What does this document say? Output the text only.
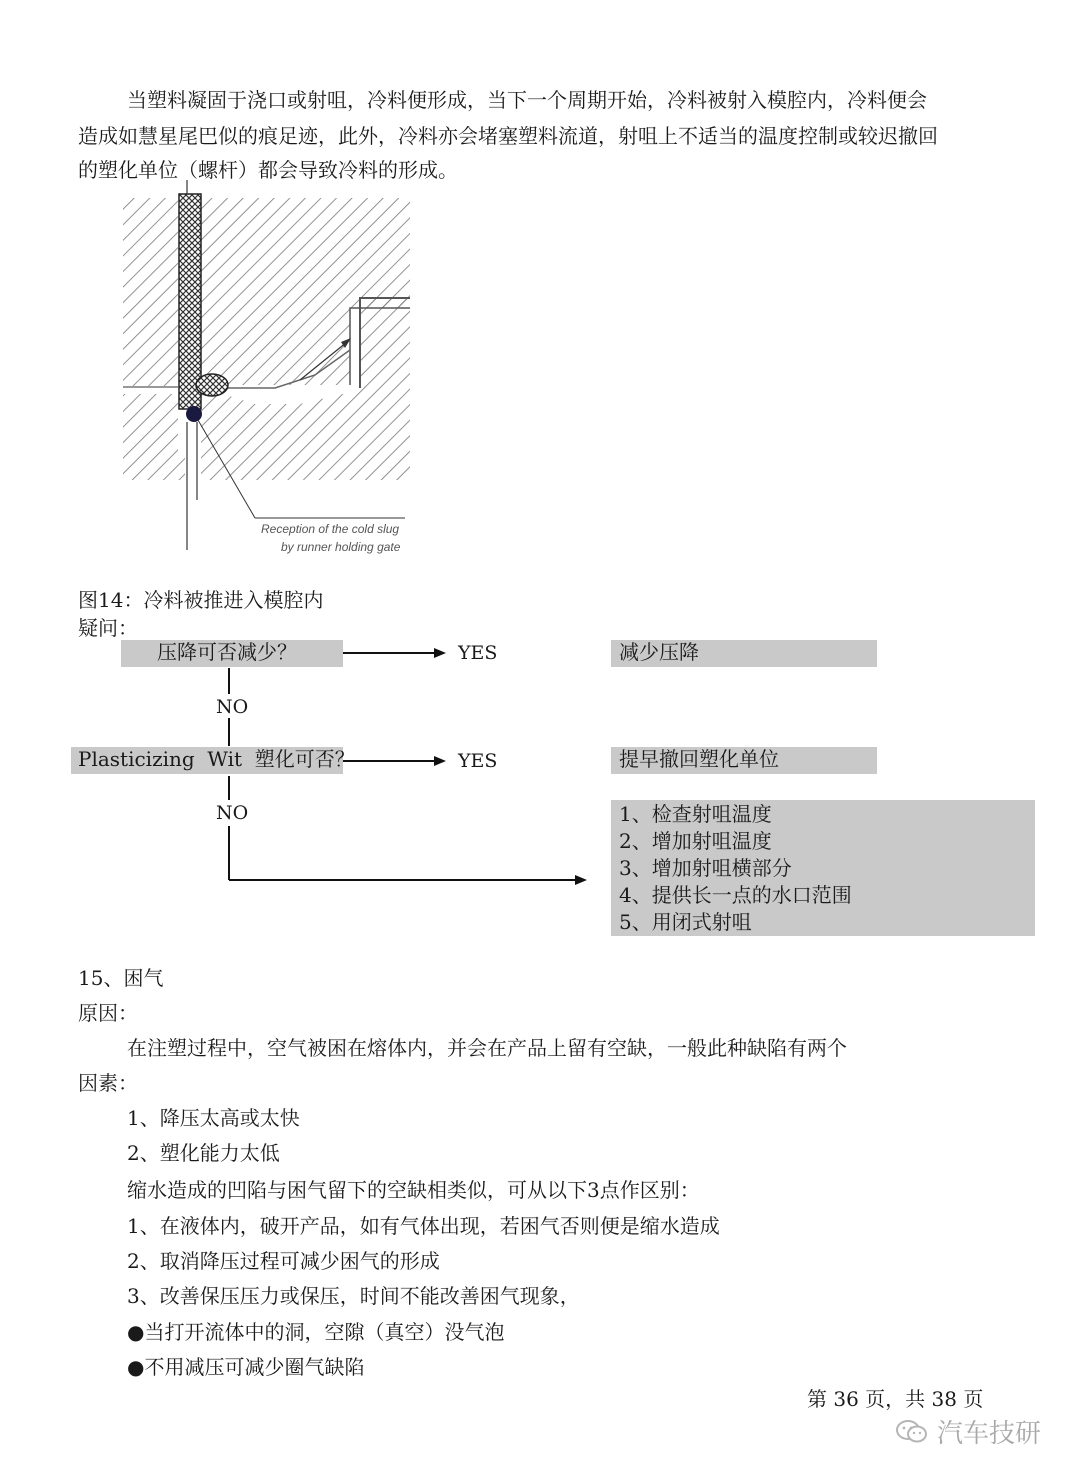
当塑料凝固于浇口或射咀，冷料便形成，当下一个周期开始，冷料被射入模腔内，冷料便会
造成如慧星尾巴似的痕足迹，此外，冷料亦会堵塞塑料流道，射咀上不适当的温度控制或较迟撤回
的塑化单位（螺杆）都会导致冷料的形成。
Reception of the cold slug
by runner holding gate
图14：冷料被推进入模腔内
疑问：
压降可否减少？	YES	减少压降
NO
Plasticizing  Wit  塑化可否？	YES	提早撤回塑化单位
NO	1、检查射咀温度
2、增加射咀温度
3、增加射咀横部分
4、提供长一点的水口范围
5、用闭式射咀
15、困气
原因：
在注塑过程中，空气被困在熔体内，并会在产品上留有空缺，一般此种缺陷有两个
因素：
1、降压太高或太快
2、塑化能力太低
缩水造成的凹陷与困气留下的空缺相类似，可从以下3点作区别：
1、在液体内，破开产品，如有气体出现，若困气否则便是缩水造成
2、取消降压过程可减少困气的形成
3、改善保压压力或保压，时间不能改善困气现象，
●当打开流体中的洞，空隙（真空）没气泡
●不用减压可减少圈气缺陷
第 36 页，共 38 页
汽车技研
